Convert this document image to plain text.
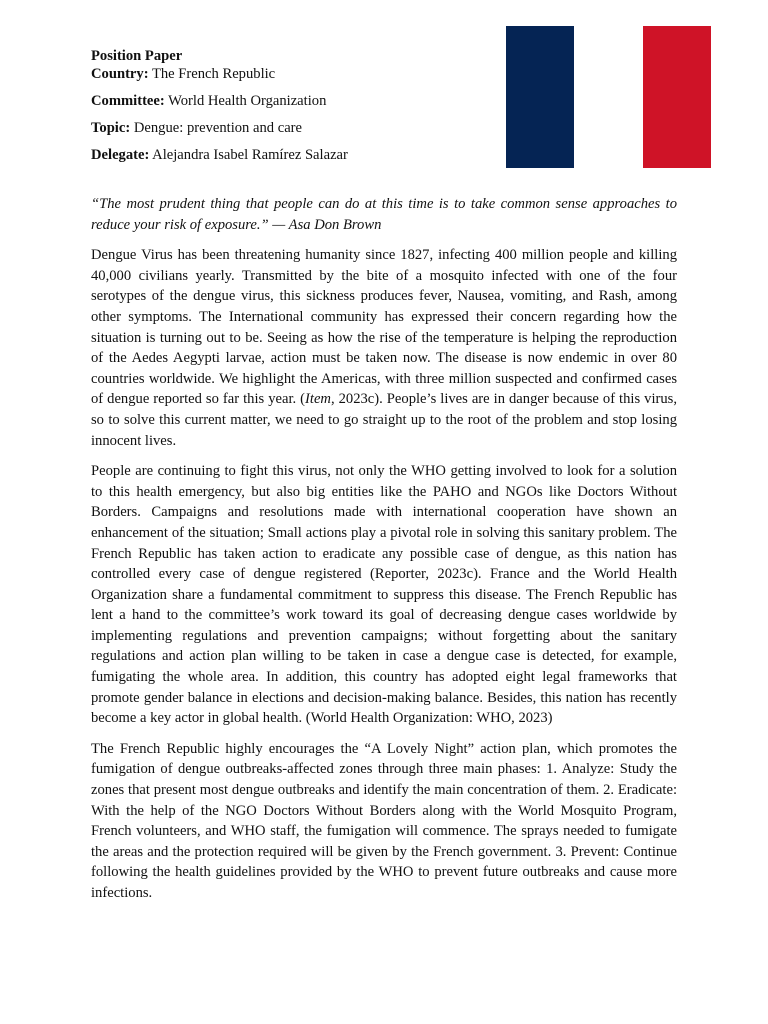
Position Paper
Country: The French Republic
Committee: World Health Organization
Topic: Dengue: prevention and care
Delegate: Alejandra Isabel Ramírez Salazar

“The most prudent thing that people can do at this time is to take common sense approaches to reduce your risk of exposure.” — Asa Don Brown

Dengue Virus has been threatening humanity since 1827, infecting 400 million people and killing 40,000 civilians yearly. Transmitted by the bite of a mosquito infected with one of the four serotypes of the dengue virus, this sickness produces fever, Nausea, vomiting, and Rash, among other symptoms. The International community has expressed their concern regarding how the situation is turning out to be. Seeing as how the rise of the temperature is helping the reproduction of the Aedes Aegypti larvae, action must be taken now. The disease is now endemic in over 80 countries worldwide. We highlight the Americas, with three million suspected and confirmed cases of dengue reported so far this year. (Item, 2023c). People’s lives are in danger because of this virus, so to solve this current matter, we need to go straight up to the root of the problem and stop losing innocent lives.

People are continuing to fight this virus, not only the WHO getting involved to look for a solution to this health emergency, but also big entities like the PAHO and NGOs like Doctors Without Borders. Campaigns and resolutions made with international cooperation have shown an enhancement of the situation; Small actions play a pivotal role in solving this sanitary problem. The French Republic has taken action to eradicate any possible case of dengue, as this nation has controlled every case of dengue registered (Reporter, 2023c). France and the World Health Organization share a fundamental commitment to suppress this disease. The French Republic has lent a hand to the committee’s work toward its goal of decreasing dengue cases worldwide by implementing regulations and prevention campaigns; without forgetting about the sanitary regulations and action plan willing to be taken in case a dengue case is detected, for example, fumigating the whole area. In addition, this country has adopted eight legal frameworks that promote gender balance in elections and decision-making balance. Besides, this nation has recently become a key actor in global health. (World Health Organization: WHO, 2023)

The French Republic highly encourages the “A Lovely Night” action plan, which promotes the fumigation of dengue outbreaks-affected zones through three main phases: 1. Analyze: Study the zones that present most dengue outbreaks and identify the main concentration of them. 2. Eradicate: With the help of the NGO Doctors Without Borders along with the World Mosquito Program, French volunteers, and WHO staff, the fumigation will commence. The sprays needed to fumigate the areas and the protection required will be given by the French government. 3. Prevent: Continue following the health guidelines provided by the WHO to prevent future outbreaks and cause more infections.
